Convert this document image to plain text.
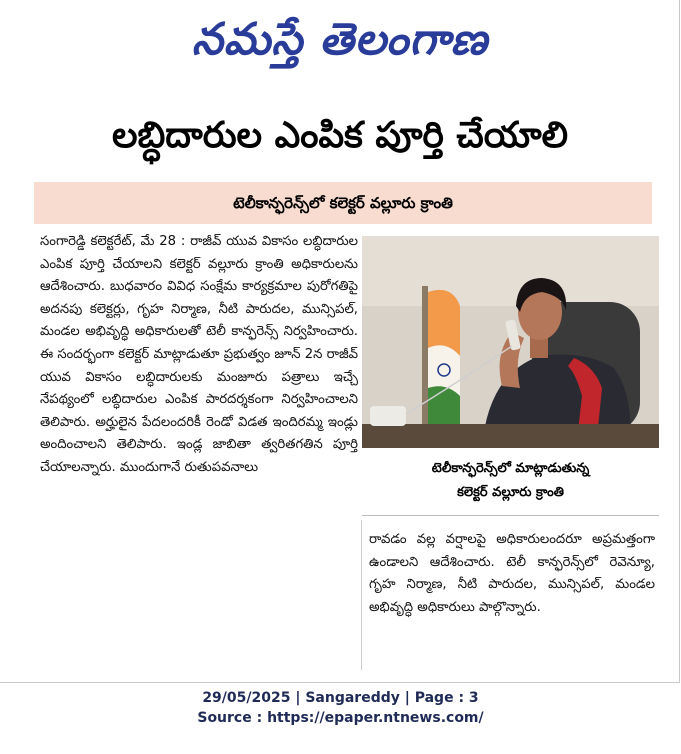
నమస్తే తెలంగాణ
లబ్ధిదారుల ఎంపిక పూర్తి చేయాలి
టెలీకాన్ఫరెన్స్‌లో కలెక్టర్ వల్లూరు క్రాంతి
సంగారెడ్డి కలెక్టరేట్, మే 28 : రాజీవ్ యువ వికాసం లబ్ధిదారుల ఎంపిక పూర్తి చేయాలని కలెక్టర్ వల్లూరు క్రాంతి అధికారులను ఆదేశించారు. బుధవారం వివిధ సంక్షేమ కార్యక్రమాల పురోగతిపై అదనపు కలెక్టర్లు, గృహ నిర్మాణ, నీటి పారుదల, మున్సిపల్, మండల అభివృద్ధి అధికారులతో టెలీ కాన్ఫరెన్స్ నిర్వహించారు. ఈ సందర్భంగా కలెక్టర్ మాట్లాడుతూ ప్రభుత్వం జూన్ 2న రాజీవ్ యువ వికాసం లబ్ధిదారులకు మంజూరు పత్రాలు ఇచ్చే నేపథ్యంలో లబ్ధిదారుల ఎంపిక పారదర్శకంగా నిర్వహించాలని తెలిపారు. అర్హులైన పేదలందరికీ రెండో విడత ఇందిరమ్మ ఇండ్లు అందించాలని తెలిపారు. ఇండ్ల జాబితా త్వరితగతిన పూర్తి చేయాలన్నారు. ముందుగానే రుతుపవనాలు	టెలీకాన్ఫరెన్స్‌లో మాట్లాడుతున్న
కలెక్టర్ వల్లూరు క్రాంతి
రావడం వల్ల వర్షాలపై అధికారులందరూ అప్రమత్తంగా ఉండాలని ఆదేశించారు. టెలీ కాన్ఫరెన్స్‌లో రెవెన్యూ, గృహ నిర్మాణ, నీటి పారుదల, మున్సిపల్, మండల అభివృద్ధి అధికారులు పాల్గొన్నారు.
29/05/2025 | Sangareddy | Page : 3
Source : https://epaper.ntnews.com/
